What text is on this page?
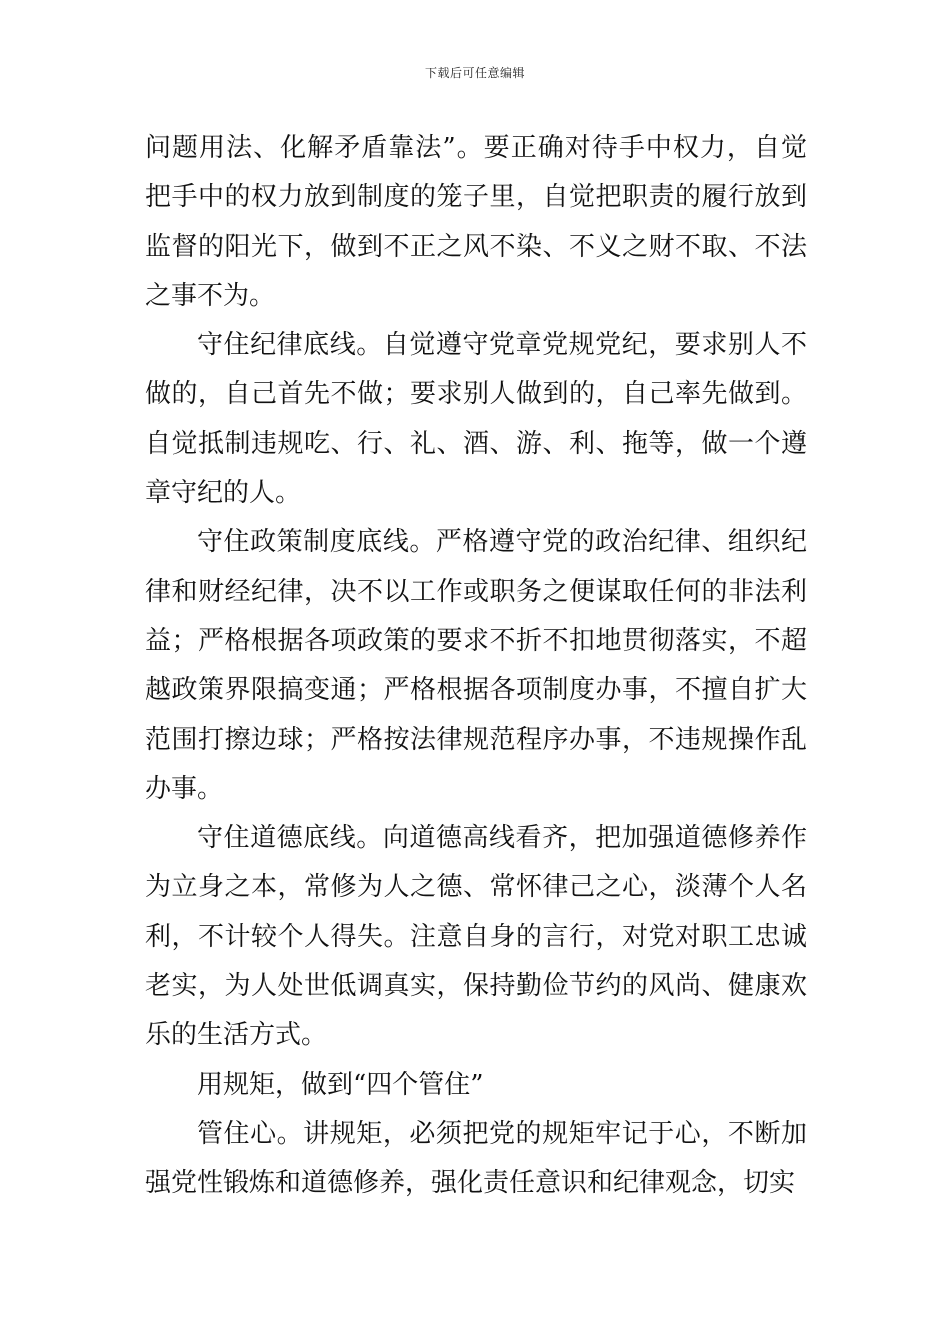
下载后可任意编辑

问题用法、化解矛盾靠法”。要正确对待手中权力，自觉把手中的权力放到制度的笼子里，自觉把职责的履行放到监督的阳光下，做到不正之风不染、不义之财不取、不法之事不为。

守住纪律底线。自觉遵守党章党规党纪，要求别人不做的，自己首先不做；要求别人做到的，自己率先做到。自觉抵制违规吃、行、礼、酒、游、利、拖等，做一个遵章守纪的人。

守住政策制度底线。严格遵守党的政治纪律、组织纪律和财经纪律，决不以工作或职务之便谋取任何的非法利益；严格根据各项政策的要求不折不扣地贯彻落实，不超越政策界限搞变通；严格根据各项制度办事，不擅自扩大范围打擦边球；严格按法律规范程序办事，不违规操作乱办事。

守住道德底线。向道德高线看齐，把加强道德修养作为立身之本，常修为人之德、常怀律己之心，淡薄个人名利，不计较个人得失。注意自身的言行，对党对职工忠诚老实，为人处世低调真实，保持勤俭节约的风尚、健康欢乐的生活方式。

用规矩，做到“四个管住”

管住心。讲规矩，必须把党的规矩牢记于心，不断加强党性锻炼和道德修养，强化责任意识和纪律观念，切实
